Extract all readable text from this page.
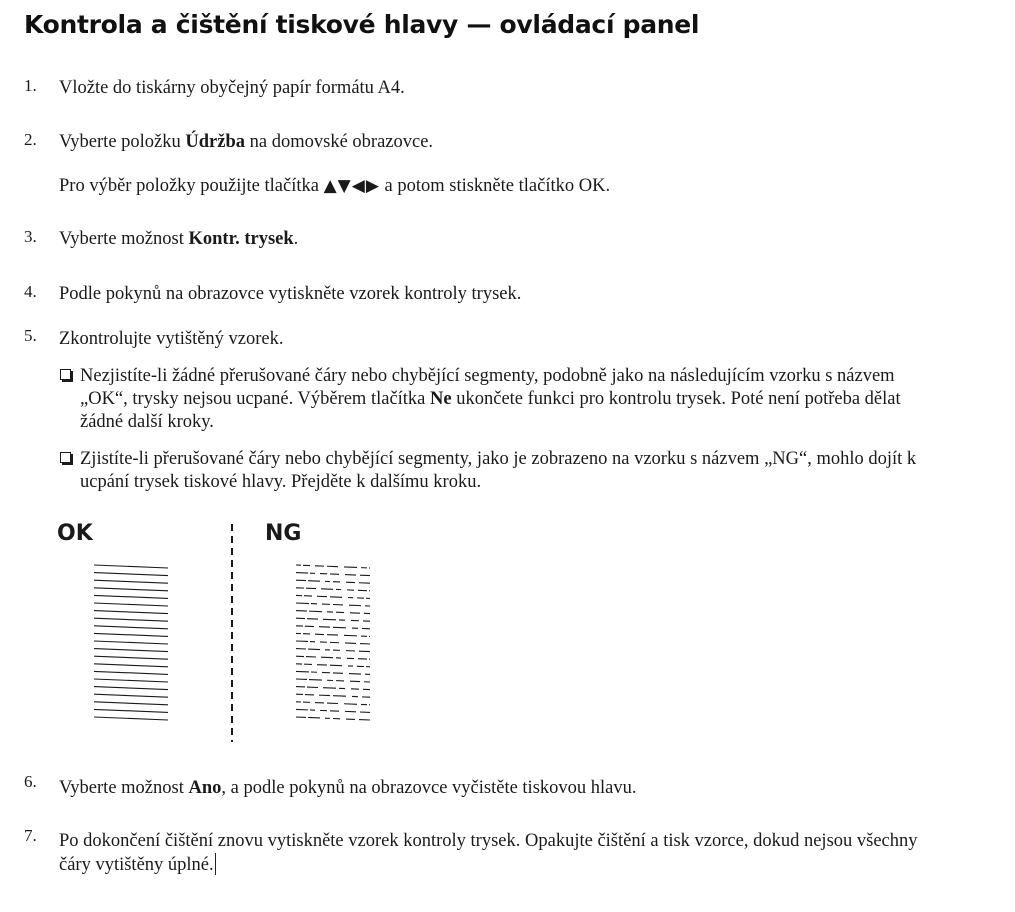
Kontrola a čištění tiskové hlavy — ovládací panel
1. Vložte do tiskárny obyčejný papír formátu A4.
2. Vyberte položku Údržba na domovské obrazovce.
Pro výběr položky použijte tlačítka ▲▼◀▶ a potom stiskněte tlačítko OK.
3. Vyberte možnost Kontr. trysek.
4. Podle pokynů na obrazovce vytiskněte vzorek kontroly trysek.
5. Zkontrolujte vytištěný vzorek.
Nezjistíte-li žádné přerušované čáry nebo chybějící segmenty, podobně jako na následujícím vzorku s názvem „OK“, trysky nejsou ucpané. Výběrem tlačítka Ne ukončete funkci pro kontrolu trysek. Poté není potřeba dělat žádné další kroky.
Zjistíte-li přerušované čáry nebo chybějící segmenty, jako je zobrazeno na vzorku s názvem „NG“, mohlo dojít k ucpání trysek tiskové hlavy. Přejděte k dalšímu kroku.
OK	NG
6. Vyberte možnost Ano, a podle pokynů na obrazovce vyčistěte tiskovou hlavu.
7. Po dokončení čištění znovu vytiskněte vzorek kontroly trysek. Opakujte čištění a tisk vzorce, dokud nejsou všechny čáry vytištěny úplné.
